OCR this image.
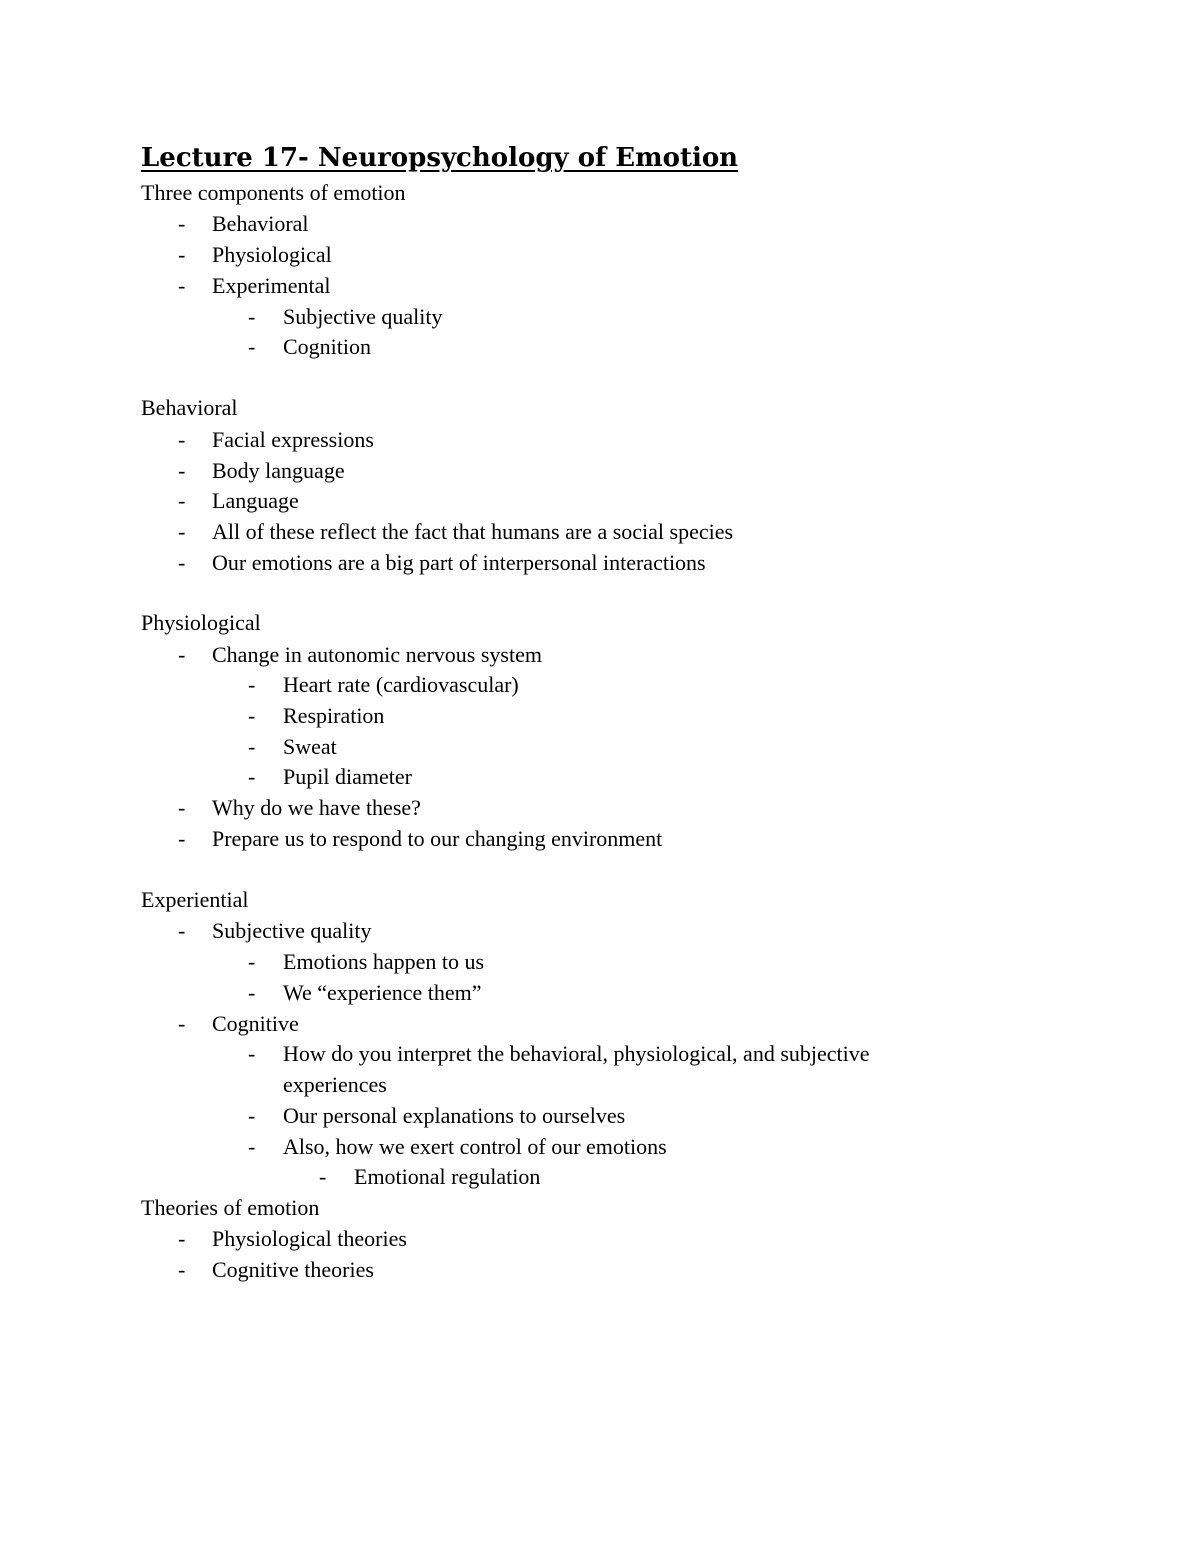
Lecture 17- Neuropsychology of Emotion
Three components of emotion
- Behavioral
- Physiological
- Experimental
- Subjective quality
- Cognition
Behavioral
- Facial expressions
- Body language
- Language
- All of these reflect the fact that humans are a social species
- Our emotions are a big part of interpersonal interactions
Physiological
- Change in autonomic nervous system
- Heart rate (cardiovascular)
- Respiration
- Sweat
- Pupil diameter
- Why do we have these?
- Prepare us to respond to our changing environment
Experiential
- Subjective quality
- Emotions happen to us
- We “experience them”
- Cognitive
- How do you interpret the behavioral, physiological, and subjective
experiences
- Our personal explanations to ourselves
- Also, how we exert control of our emotions
- Emotional regulation
Theories of emotion
- Physiological theories
- Cognitive theories
